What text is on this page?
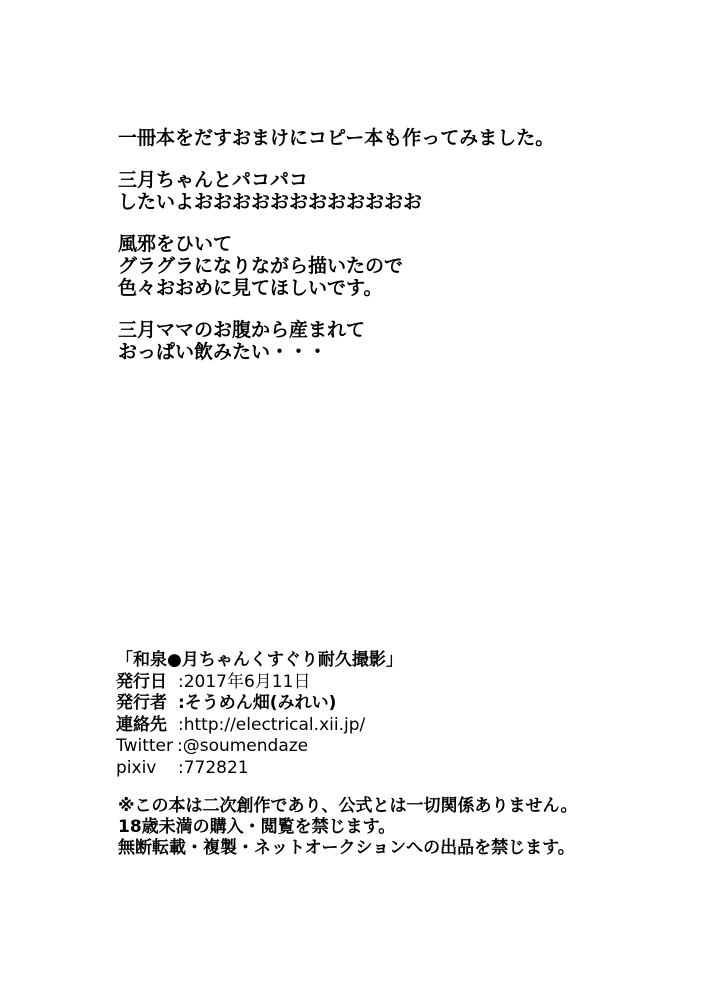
一冊本をだすおまけにコピー本も作ってみました。
三月ちゃんとパコパコ
したいよおおおおおおおおおおおお
風邪をひいて
グラグラになりながら描いたので
色々おおめに見てほしいです。
三月ママのお腹から産まれて
おっぱい飲みたい・・・
「和泉●月ちゃんくすぐり耐久撮影」
発行日 :2017年6月11日
発行者 :そうめん畑(みれい)
連絡先 :http://electrical.xii.jp/
Twitter :@soumendaze
pixiv	:772821
※この本は二次創作であり、公式とは一切関係ありません。
18歳未満の購入・閲覧を禁じます。
無断転載・複製・ネットオークションへの出品を禁じます。
